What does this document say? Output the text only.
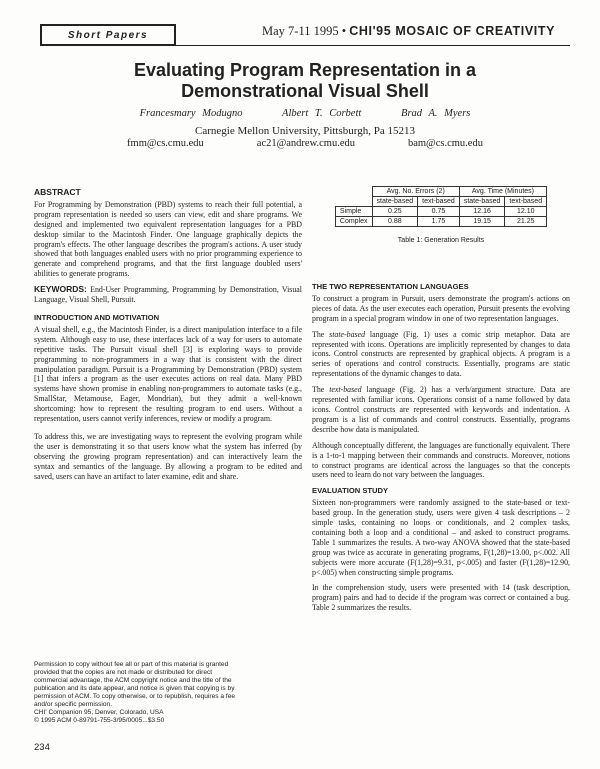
Short Papers	May 7-11 1995 • CHI'95 MOSAIC OF CREATIVITY
Evaluating Program Representation in a
Demonstrational Visual Shell
Francesmary Modugno	Albert T. Corbett	Brad A. Myers
Carnegie Mellon University, Pittsburgh, Pa 15213
fmm@cs.cmu.edu	ac21@andrew.cmu.edu	bam@cs.cmu.edu
ABSTRACT

For Programming by Demonstration (PBD) systems to reach their full potential, a program representation is needed so users can view, edit and share programs. We designed and implemented two equivalent representation languages for a PBD desktop similar to the Macintosh Finder. One language graphically depicts the program's effects. The other language describes the program's actions. A user study showed that both languages enabled users with no prior programming experience to generate and comprehend programs, and that the first language doubled users' abilities to generate programs.

KEYWORDS: End-User Programming, Programming by Demonstration, Visual Language, Visual Shell, Pursuit.

INTRODUCTION AND MOTIVATION

A visual shell, e.g., the Macintosh Finder, is a direct manipulation interface to a file system. Although easy to use, these interfaces lack of a way for users to automate repetitive tasks. The Pursuit visual shell [3] is exploring ways to provide programming to non-programmers in a way that is consistent with the direct manipulation paradigm. Pursuit is a Programming by Demonstration (PBD) system [1] that infers a program as the user executes actions on real data. Many PBD systems have shown promise in enabling non-programmers to automate tasks (e.g., SmallStar, Metamouse, Eager, Mondrian), but they admit a well-known shortcoming: how to represent the resulting program to end users. Without a representation, users cannot verify inferences, review or modify a program.

To address this, we are investigating ways to represent the evolving program while the user is demonstrating it so that users know what the system has inferred (by observing the growing program representation) and can interactively learn the syntax and semantics of the language. By allowing a program to be edited and saved, users can have an artifact to later examine, edit and share.

Permission to copy without fee all or part of this material is granted provided that the copies are not made or distributed for direct commercial advantage, the ACM copyright notice and the title of the publication and its date appear, and notice is given that copying is by permission of ACM. To copy otherwise, or to republish, requires a fee and/or specific permission.
CHI' Companion 95, Denver, Colorado, USA
© 1995 ACM 0-89791-755-3/95/0005...$3.50
234
	Avg. No. Errors (2)		Avg. Time (Minutes)	
	state-based	text-based	state-based	text-based
Simple	0.25	0.75	12.16	12.10
Complex	0.88	1.75	19.15	21.25
Table 1: Generation Results
THE TWO REPRESENTATION LANGUAGES

To construct a program in Pursuit, users demonstrate the program's actions on pieces of data. As the user executes each operation, Pursuit presents the evolving program in a special program window in one of two representation languages.

The state-based language (Fig. 1) uses a comic strip metaphor. Data are represented with icons. Operations are implicitly represented by changes to data icons. Control constructs are represented by graphical objects. A program is a series of operations and control constructs. Essentially, programs are static representations of the dynamic changes to data.

The text-based language (Fig. 2) has a verb/argument structure. Data are represented with familiar icons. Operations consist of a name followed by data icons. Control constructs are represented with keywords and indentation. A program is a list of commands and control constructs. Essentially, programs describe how data is manipulated.

Although conceptually different, the languages are functionally equivalent. There is a 1-to-1 mapping between their commands and constructs. Moreover, notions to construct programs are identical across the languages so that the concepts users need to learn do not vary between the languages.

EVALUATION STUDY

Sixteen non-programmers were randomly assigned to the state-based or text-based group. In the generation study, users were given 4 task descriptions – 2 simple tasks, containing no loops or conditionals, and 2 complex tasks, containing both a loop and a conditional – and asked to construct programs. Table 1 summarizes the results. A two-way ANOVA showed that the state-based group was twice as accurate in generating programs, F(1,28)=13.00, p<.002. All subjects were more accurate (F(1,28)=9.31, p<.005) and faster (F(1,28)=12.90, p<.005) when constructing simple programs.

In the comprehension study, users were presented with 14 (task description, program) pairs and had to decide if the program was correct or contained a bug. Table 2 summarizes the results.
